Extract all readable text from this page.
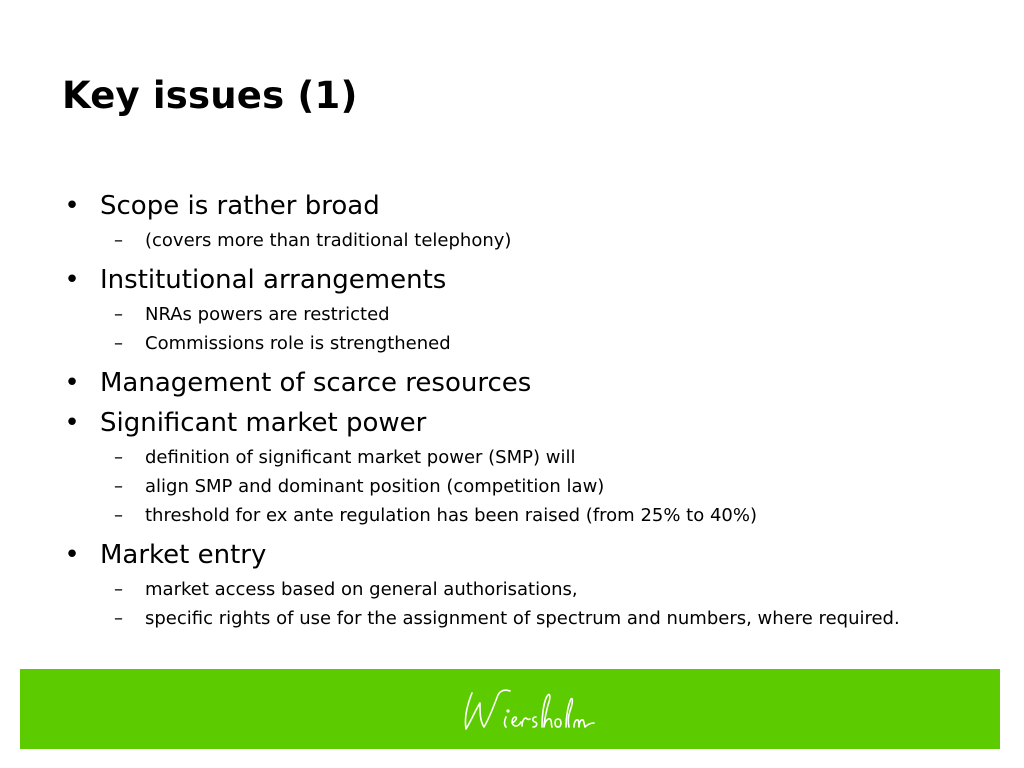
Key issues (1)
• Scope is rather broad
– (covers more than traditional telephony)
• Institutional arrangements
– NRAs powers are restricted
– Commissions role is strengthened
• Management of scarce resources
• Significant market power
– definition of significant market power (SMP) will
– align SMP and dominant position (competition law)
– threshold for ex ante regulation has been raised (from 25% to 40%)
• Market entry
– market access based on general authorisations,
– specific rights of use for the assignment of spectrum and numbers, where required.
